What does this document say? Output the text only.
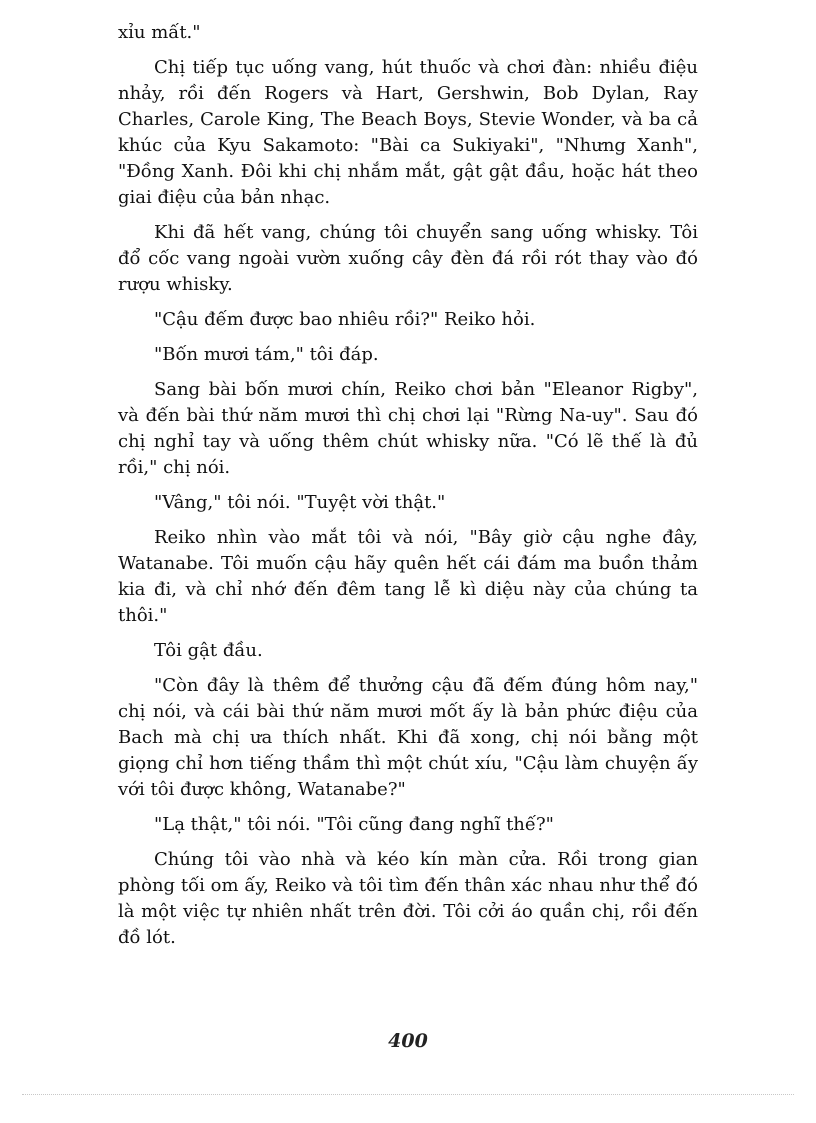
xỉu mất."

Chị tiếp tục uống vang, hút thuốc và chơi đàn: nhiều điệu nhảy, rồi đến Rogers và Hart, Gershwin, Bob Dylan, Ray Charles, Carole King, The Beach Boys, Stevie Wonder, và ba cả khúc của Kyu Sakamoto: "Bài ca Sukiyaki", "Nhưng Xanh", "Đồng Xanh. Đôi khi chị nhắm mắt, gật gật đầu, hoặc hát theo giai điệu của bản nhạc.

Khi đã hết vang, chúng tôi chuyển sang uống whisky. Tôi đổ cốc vang ngoài vườn xuống cây đèn đá rồi rót thay vào đó rượu whisky.

"Cậu đếm được bao nhiêu rồi?" Reiko hỏi.

"Bốn mươi tám," tôi đáp.

Sang bài bốn mươi chín, Reiko chơi bản "Eleanor Rigby", và đến bài thứ năm mươi thì chị chơi lại "Rừng Na-uy". Sau đó chị nghỉ tay và uống thêm chút whisky nữa. "Có lẽ thế là đủ rồi," chị nói.

"Vâng," tôi nói. "Tuyệt vời thật."

Reiko nhìn vào mắt tôi và nói, "Bây giờ cậu nghe đây, Watanabe. Tôi muốn cậu hãy quên hết cái đám ma buồn thảm kia đi, và chỉ nhớ đến đêm tang lễ kì diệu này của chúng ta thôi."

Tôi gật đầu.

"Còn đây là thêm để thưởng cậu đã đếm đúng hôm nay," chị nói, và cái bài thứ năm mươi mốt ấy là bản phức điệu của Bach mà chị ưa thích nhất. Khi đã xong, chị nói bằng một giọng chỉ hơn tiếng thầm thì một chút xíu, "Cậu làm chuyện ấy với tôi được không, Watanabe?"

"Lạ thật," tôi nói. "Tôi cũng đang nghĩ thế?"

Chúng tôi vào nhà và kéo kín màn cửa. Rồi trong gian phòng tối om ấy, Reiko và tôi tìm đến thân xác nhau như thể đó là một việc tự nhiên nhất trên đời. Tôi cởi áo quần chị, rồi đến đồ lót.

400
